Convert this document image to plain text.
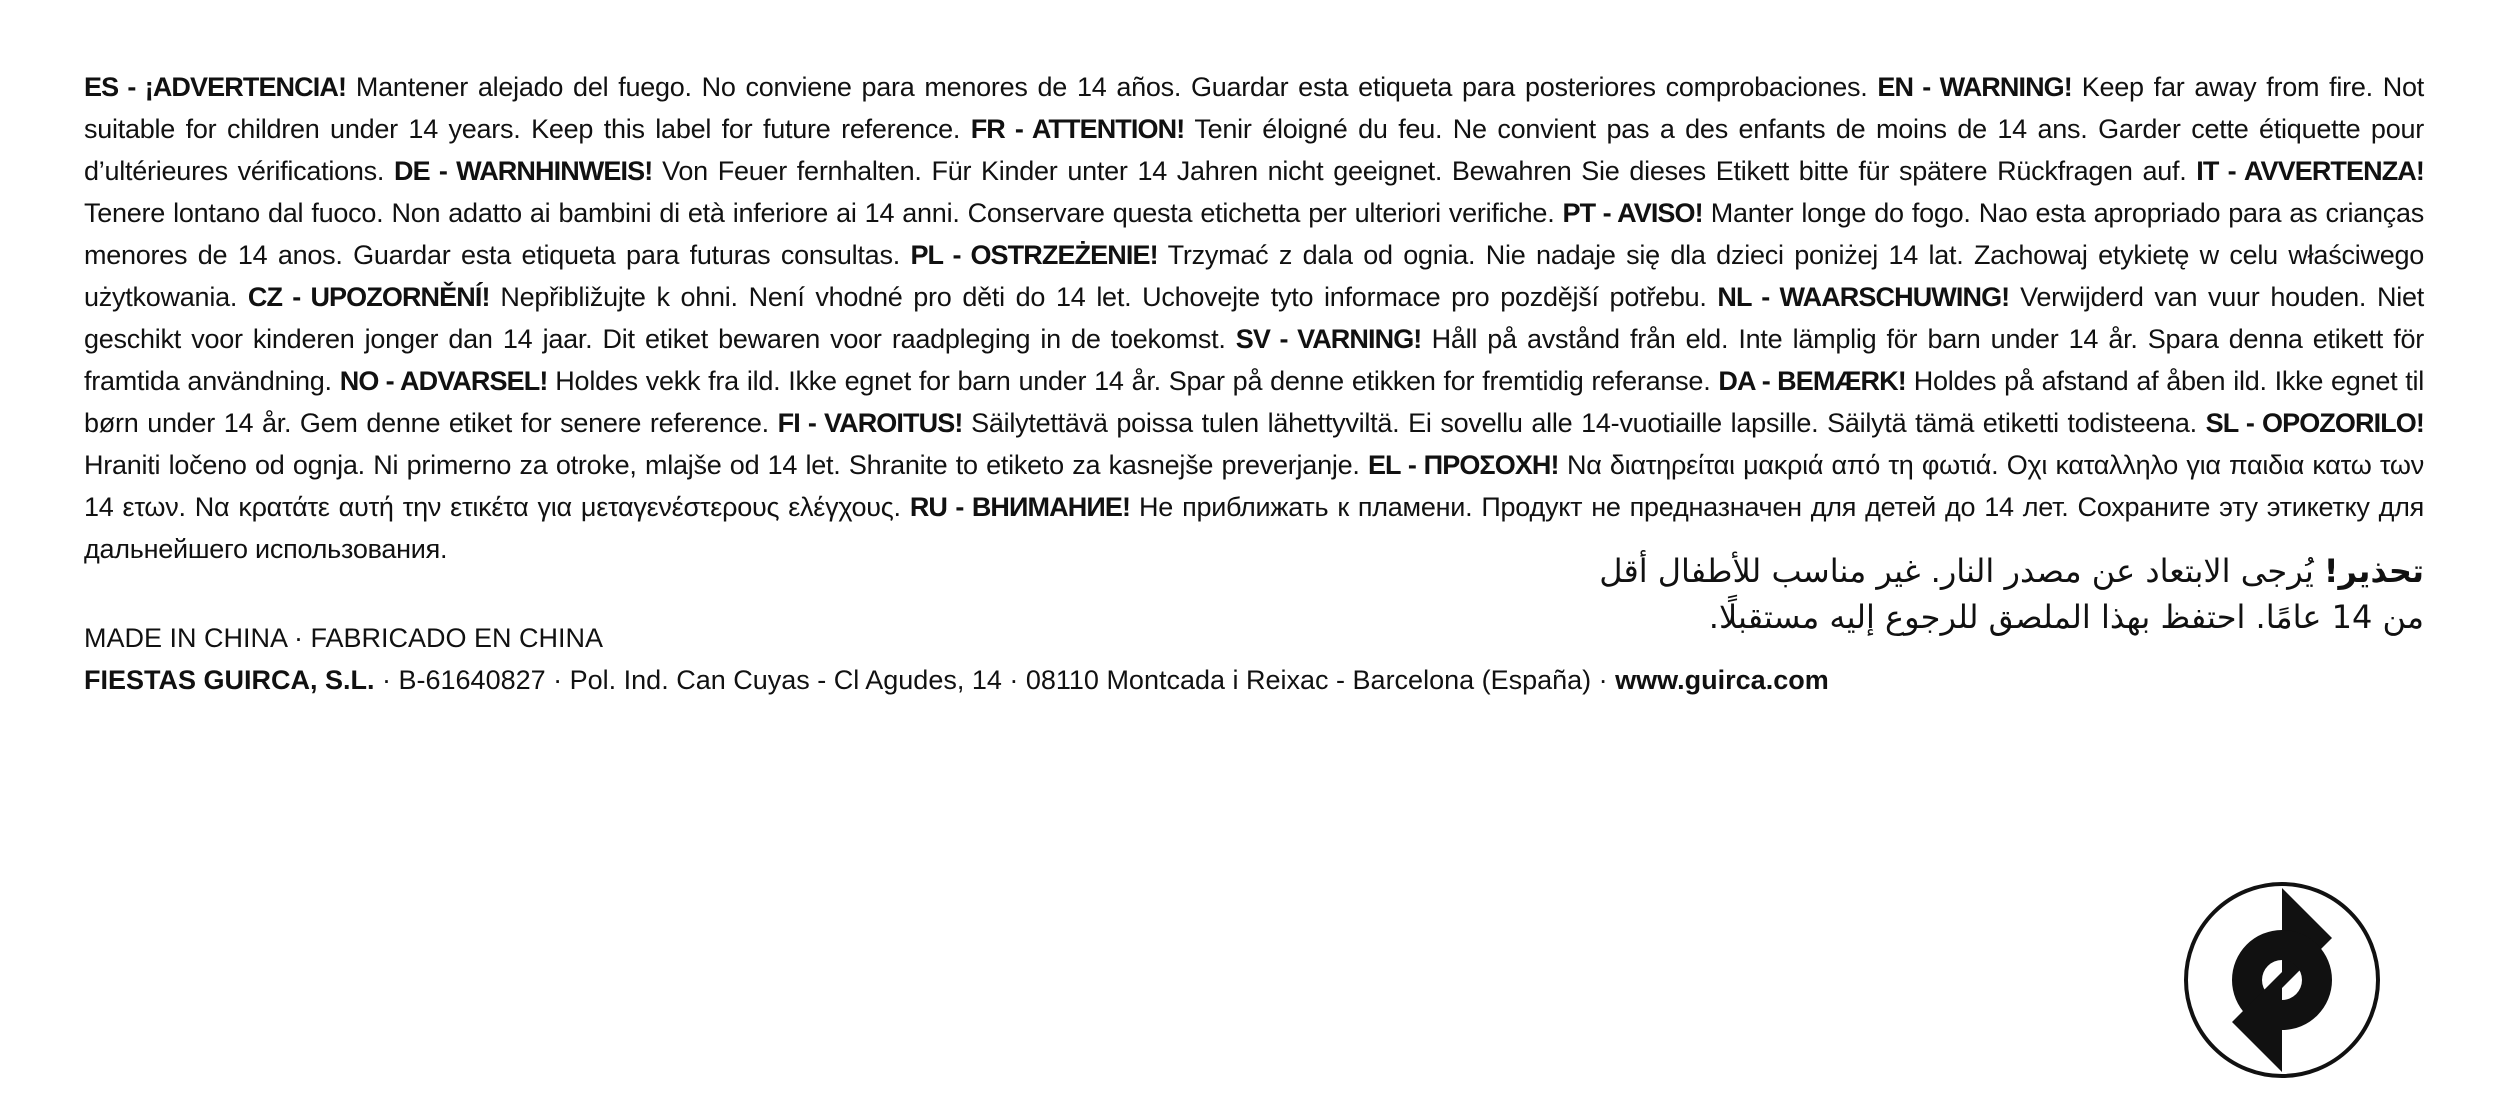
ES - ¡ADVERTENCIA! Mantener alejado del fuego. No conviene para menores de 14 años. Guardar esta etiqueta para posteriores comprobaciones. EN - WARNING! Keep far away from fire. Not suitable for children under 14 years. Keep this label for future reference. FR - ATTENTION! Tenir éloigné du feu. Ne convient pas a des enfants de moins de 14 ans. Garder cette étiquette pour d’ultérieures vérifications. DE - WARNHINWEIS! Von Feuer fernhalten. Für Kinder unter 14 Jahren nicht geeignet. Bewahren Sie dieses Etikett bitte für spätere Rückfragen auf. IT - AVVERTENZA! Tenere lontano dal fuoco. Non adatto ai bambini di età inferiore ai 14 anni. Conservare questa etichetta per ulteriori verifiche. PT - AVISO! Manter longe do fogo. Nao esta apropriado para as crianças menores de 14 anos. Guardar esta etiqueta para futuras consultas. PL - OSTRZEŻENIE! Trzymać z dala od ognia. Nie nadaje się dla dzieci poniżej 14 lat. Zachowaj etykietę w celu właściwego użytkowania. CZ - UPOZORNĚNÍ! Nepřibližujte k ohni. Není vhodné pro děti do 14 let. Uchovejte tyto informace pro pozdější potřebu. NL - WAARSCHUWING! Verwijderd van vuur houden. Niet geschikt voor kinderen jonger dan 14 jaar. Dit etiket bewaren voor raadpleging in de toekomst. SV - VARNING! Håll på avstånd från eld. Inte lämplig för barn under 14 år. Spara denna etikett för framtida användning. NO - ADVARSEL! Holdes vekk fra ild. Ikke egnet for barn under 14 år. Spar på denne etikken for fremtidig referanse. DA - BEMÆRK! Holdes på afstand af åben ild. Ikke egnet til børn under 14 år. Gem denne etiket for senere reference. FI - VAROITUS! Säilytettävä poissa tulen lähettyviltä. Ei sovellu alle 14-vuotiaille lapsille. Säilytä tämä etiketti todisteena. SL - OPOZORILO! Hraniti ločeno od ognja. Ni primerno za otroke, mlajše od 14 let. Shranite to etiketo za kasnejše preverjanje. EL - ΠΡΟΣΟΧΗ! Να διατηρείται μακριά από τη φωτιά. Οχι καταλληλο για παιδια κατω των 14 ετων. Να κρατάτε αυτή την ετικέτα για μεταγενέστερους ελέγχους. RU - ВНИМАНИЕ! Не приближать к пламени. Продукт не предназначен для детей до 14 лет. Сохраните эту этикетку для дальнейшего использования.

تحذير! يُرجى الابتعاد عن مصدر النار. غير مناسب للأطفال أقل من 14 عامًا. احتفظ بهذا الملصق للرجوع إليه مستقبلًا.

MADE IN CHINA · FABRICADO EN CHINA

FIESTAS GUIRCA, S.L. · B-61640827 · Pol. Ind. Can Cuyas - Cl Agudes, 14 · 08110 Montcada i Reixac - Barcelona (España) · www.guirca.com
